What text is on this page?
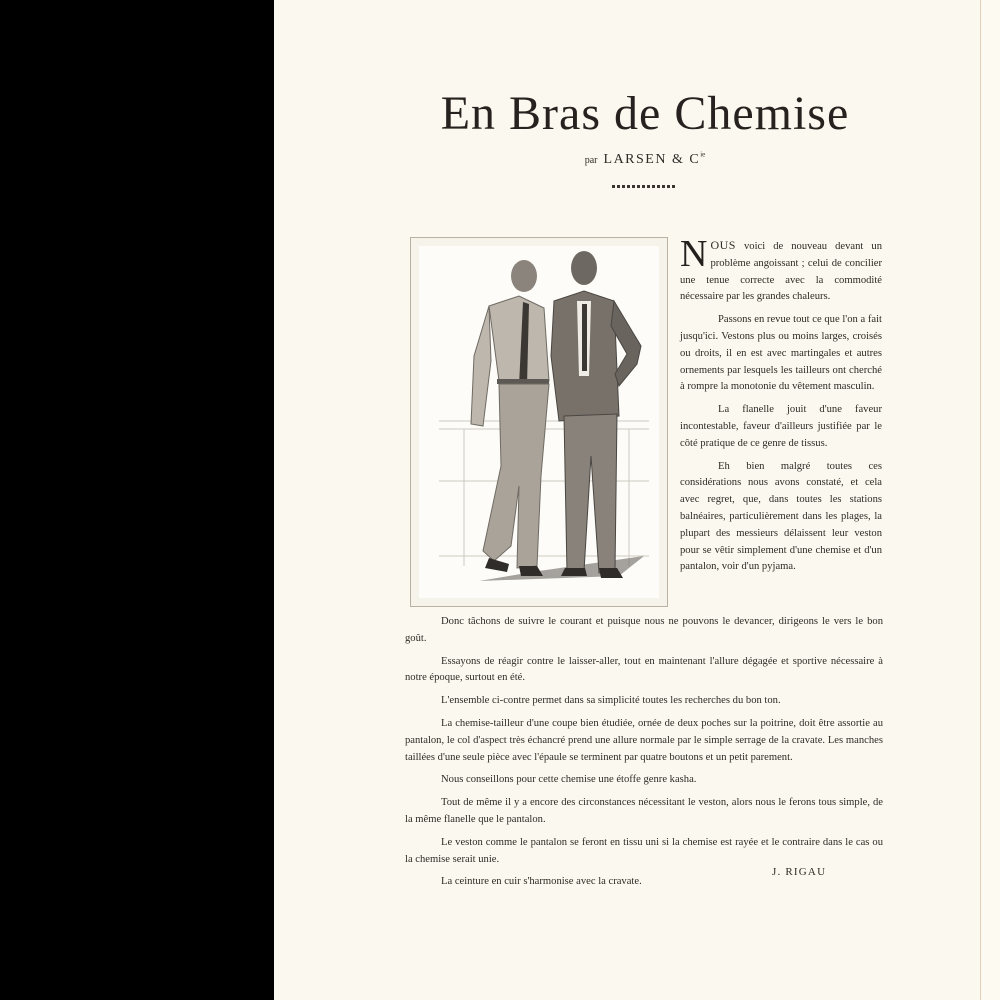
En Bras de Chemise
par LARSEN & $C^{ie}$

NOUS voici de nouveau devant un problème angoissant ; celui de concilier une tenue correcte avec la commodité nécessaire par les grandes chaleurs.

Passons en revue tout ce que l'on a fait jusqu'ici. Vestons plus ou moins larges, croisés ou droits, il en est avec martingales et autres ornements par lesquels les tailleurs ont cherché à rompre la monotonie du vêtement masculin.

La flanelle jouit d'une faveur incontestable, faveur d'ailleurs justifiée par le côté pratique de ce genre de tissus.

Eh bien malgré toutes ces considérations nous avons constaté, et cela avec regret, que, dans toutes les stations balnéaires, particulièrement dans les plages, la plupart des messieurs délaissent leur veston pour se vêtir simplement d'une chemise et d'un pantalon, voir d'un pyjama.

Donc tâchons de suivre le courant et puisque nous ne pouvons le devancer, dirigeons le vers le bon goût.

Essayons de réagir contre le laisser-aller, tout en maintenant l'allure dégagée et sportive nécessaire à notre époque, surtout en été.

L'ensemble ci-contre permet dans sa simplicité toutes les recherches du bon ton.

La chemise-tailleur d'une coupe bien étudiée, ornée de deux poches sur la poitrine, doit être assortie au pantalon, le col d'aspect très échancré prend une allure normale par le simple serrage de la cravate. Les manches taillées d'une seule pièce avec l'épaule se terminent par quatre boutons et un petit parement.

Nous conseillons pour cette chemise une étoffe genre kasha.

Tout de même il y a encore des circonstances nécessitant le veston, alors nous le ferons tous simple, de la même flanelle que le pantalon.

Le veston comme le pantalon se feront en tissu uni si la chemise est rayée et le contraire dans le cas ou la chemise serait unie.

La ceinture en cuir s'harmonise avec la cravate.

J. RIGAU
